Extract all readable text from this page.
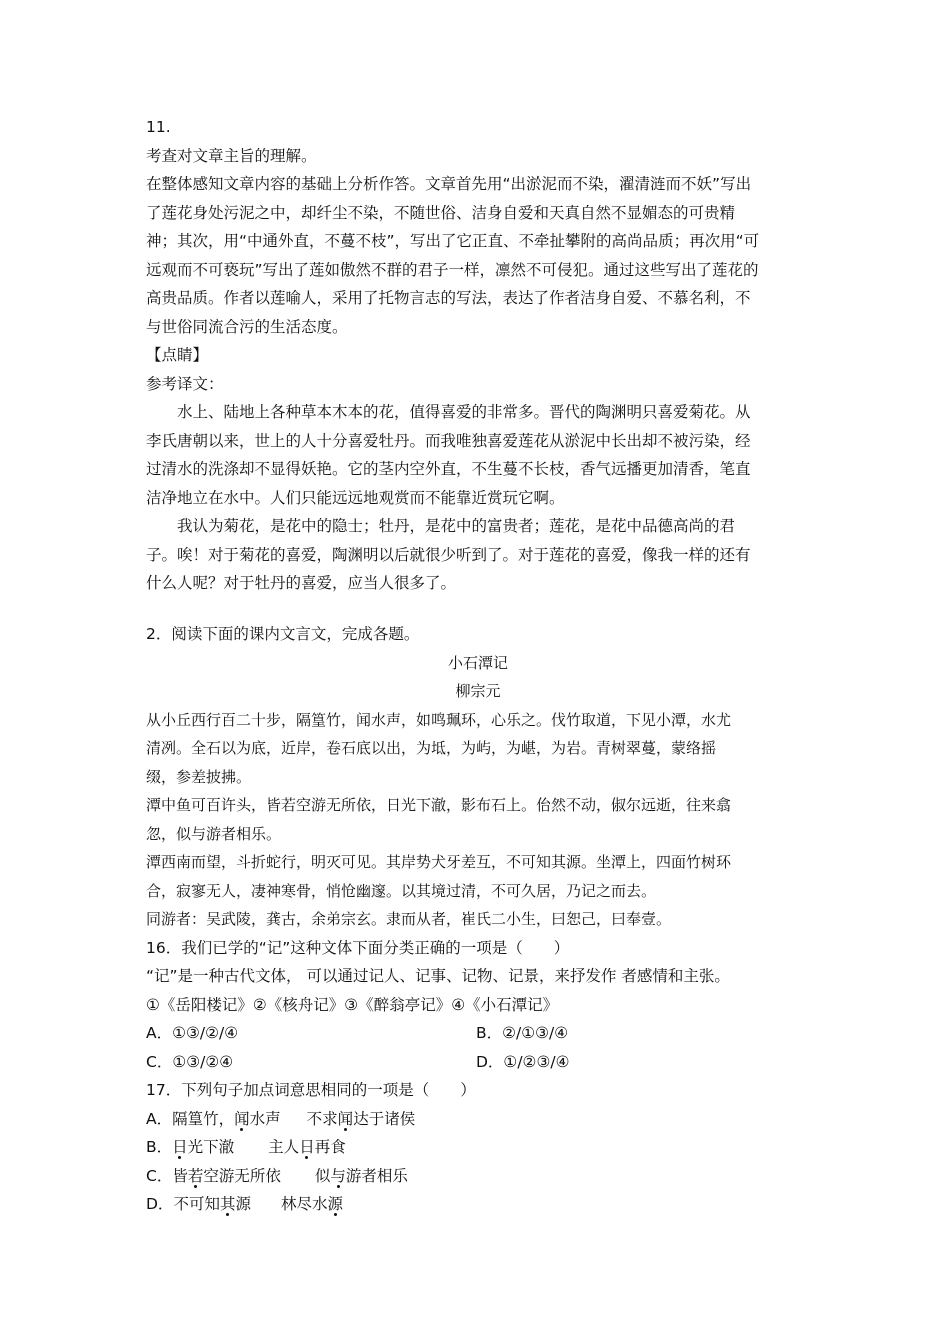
11.
考查对文章主旨的理解。
在整体感知文章内容的基础上分析作答。文章首先用“出淤泥而不染，濯清涟而不妖”写出
了莲花身处污泥之中，却纤尘不染，不随世俗、洁身自爱和天真自然不显媚态的可贵精
神；其次，用“中通外直，不蔓不枝”，写出了它正直、不牵扯攀附的高尚品质；再次用“可
远观而不可亵玩”写出了莲如傲然不群的君子一样，凛然不可侵犯。通过这些写出了莲花的
高贵品质。作者以莲喻人，采用了托物言志的写法，表达了作者洁身自爱、不慕名利，不
与世俗同流合污的生活态度。
【点睛】
参考译文：
水上、陆地上各种草本木本的花，值得喜爱的非常多。晋代的陶渊明只喜爱菊花。从
李氏唐朝以来，世上的人十分喜爱牡丹。而我唯独喜爱莲花从淤泥中长出却不被污染，经
过清水的洗涤却不显得妖艳。它的茎内空外直，不生蔓不长枝，香气远播更加清香，笔直
洁净地立在水中。人们只能远远地观赏而不能靠近赏玩它啊。
我认为菊花，是花中的隐士；牡丹，是花中的富贵者；莲花，是花中品德高尚的君
子。唉！对于菊花的喜爱，陶渊明以后就很少听到了。对于莲花的喜爱，像我一样的还有
什么人呢？对于牡丹的喜爱，应当人很多了。
2．阅读下面的课内文言文，完成各题。
小石潭记
柳宗元
从小丘西行百二十步，隔篁竹，闻水声，如鸣珮环，心乐之。伐竹取道，下见小潭，水尤
清冽。全石以为底，近岸，卷石底以出，为坻，为屿，为嵁，为岩。青树翠蔓，蒙络摇
缀，参差披拂。
潭中鱼可百许头，皆若空游无所依，日光下澈，影布石上。佁然不动，俶尔远逝，往来翕
忽，似与游者相乐。
潭西南而望，斗折蛇行，明灭可见。其岸势犬牙差互，不可知其源。坐潭上，四面竹树环
合，寂寥无人，凄神寒骨，悄怆幽邃。以其境过清，不可久居，乃记之而去。
同游者：吴武陵，龚古，余弟宗玄。隶而从者，崔氏二小生，曰恕己，曰奉壹。
16．我们已学的“记”这种文体下面分类正确的一项是（　　）
“记”是一种古代文体， 可以通过记人、记事、记物、记景，来抒发作 者感情和主张。
①《岳阳楼记》②《核舟记》③《醉翁亭记》④《小石潭记》
A．①③/②/④	B．②/①③/④
C．①③/②④	D．①/②③/④
17．下列句子加点词意思相同的一项是（　　）
A．隔篁竹，闻水声 不求闻达于诸侯
B．日光下澈 主人日再食
C．皆若空游无所依 似与游者相乐
D．不可知其源 林尽水源
